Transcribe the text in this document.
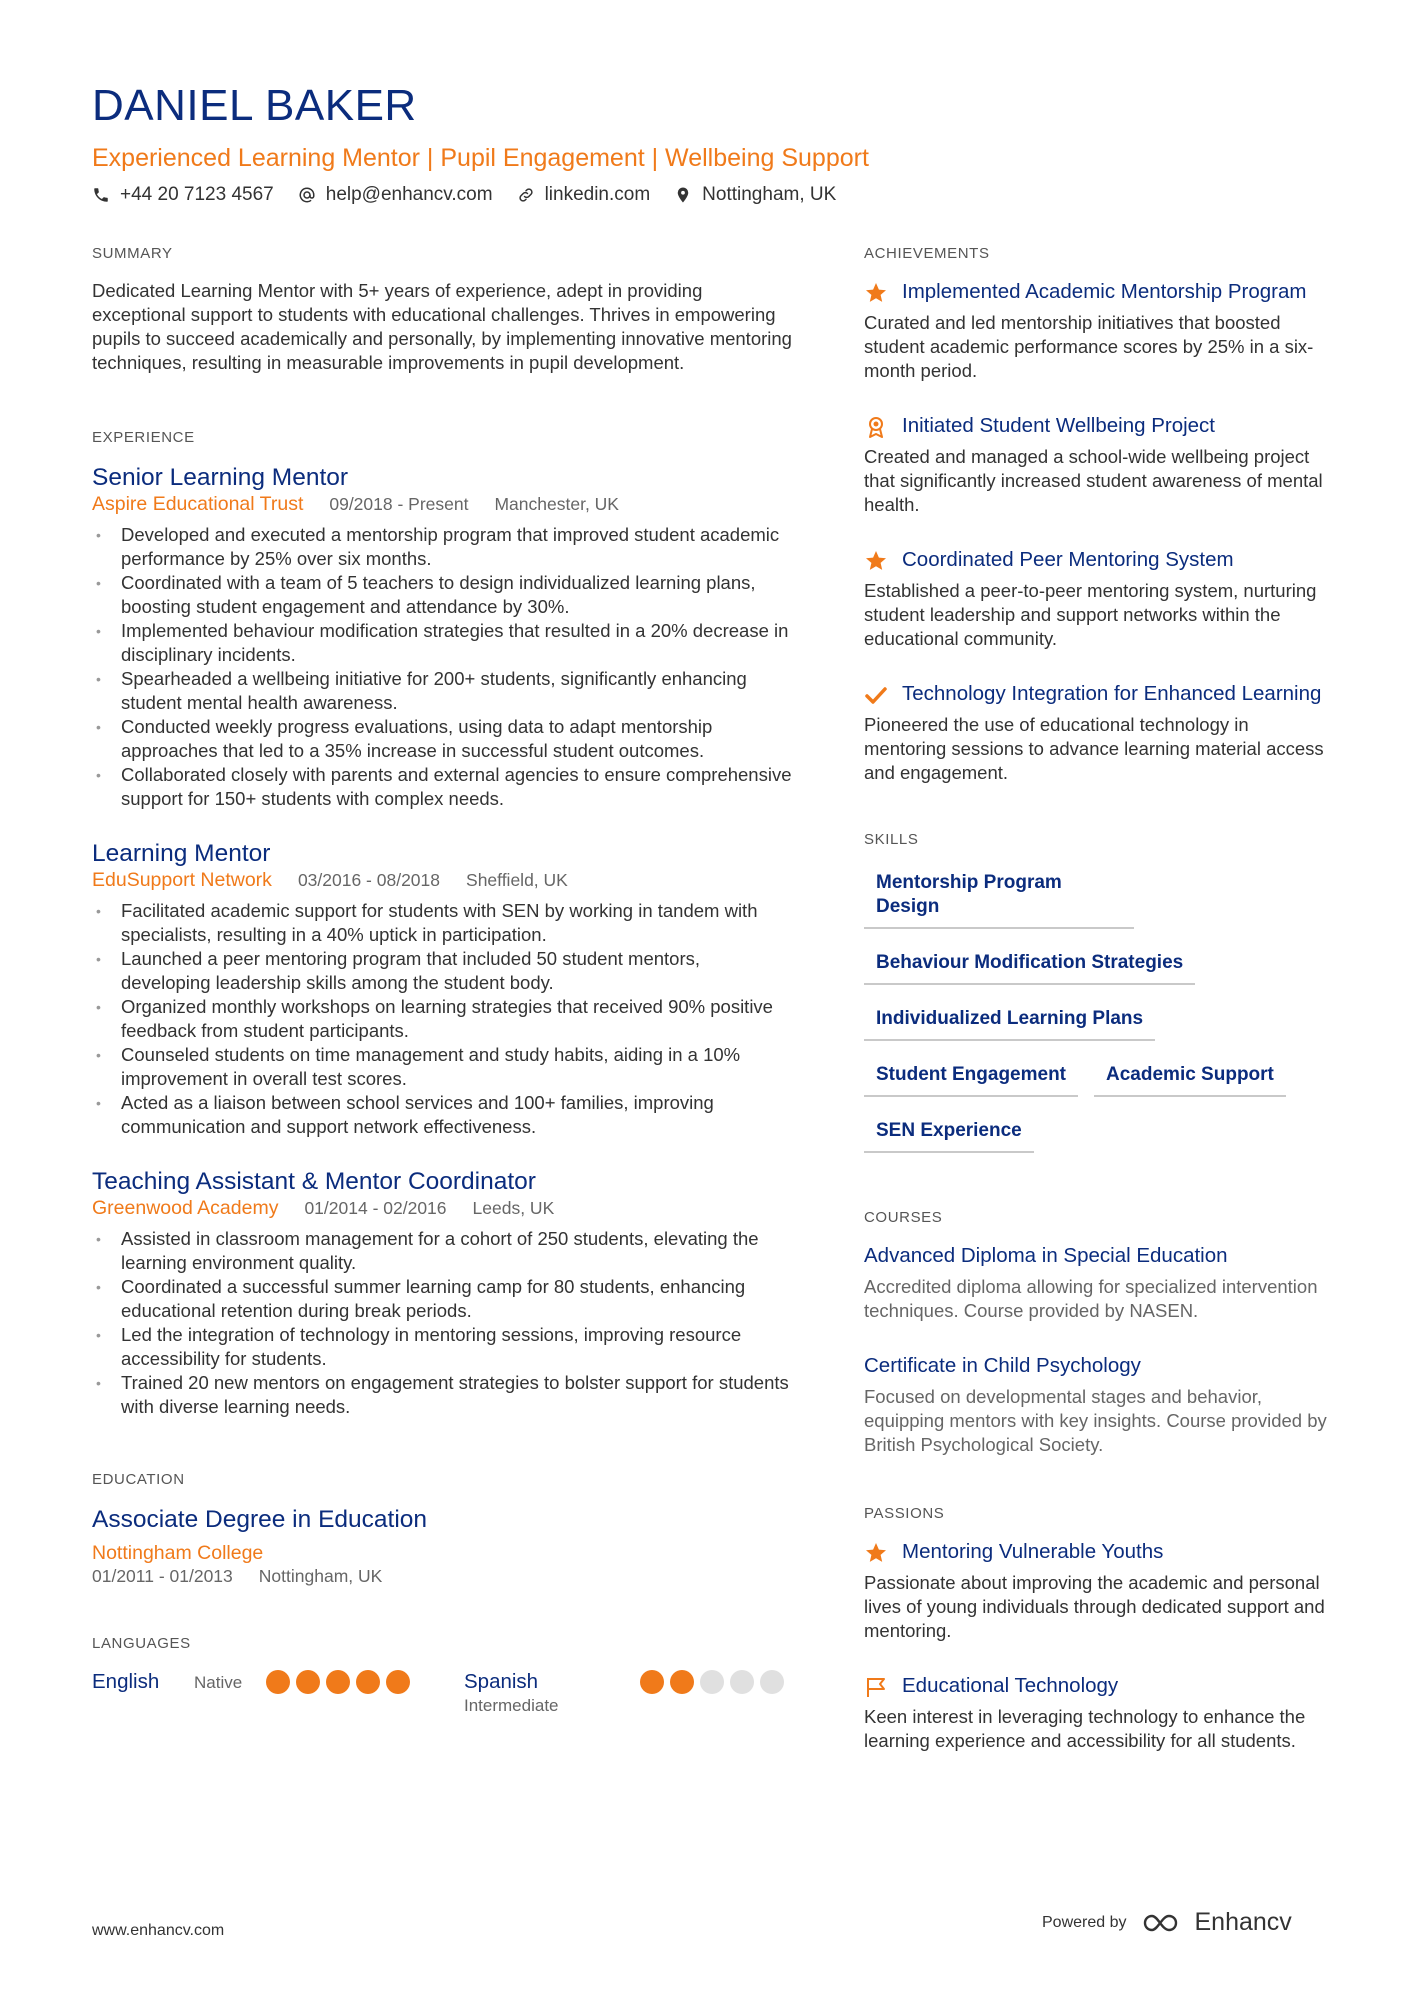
DANIEL BAKER
Experienced Learning Mentor | Pupil Engagement | Wellbeing Support
+44 20 7123 4567	help@enhancv.com	linkedin.com	Nottingham, UK
SUMMARY
Dedicated Learning Mentor with 5+ years of experience, adept in providing exceptional support to students with educational challenges. Thrives in empowering pupils to succeed academically and personally, by implementing innovative mentoring techniques, resulting in measurable improvements in pupil development.
EXPERIENCE
Senior Learning Mentor
Aspire Educational Trust 09/2018 - Present Manchester, UK
• Developed and executed a mentorship program that improved student academic performance by 25% over six months.
• Coordinated with a team of 5 teachers to design individualized learning plans, boosting student engagement and attendance by 30%.
• Implemented behaviour modification strategies that resulted in a 20% decrease in disciplinary incidents.
• Spearheaded a wellbeing initiative for 200+ students, significantly enhancing student mental health awareness.
• Conducted weekly progress evaluations, using data to adapt mentorship approaches that led to a 35% increase in successful student outcomes.
• Collaborated closely with parents and external agencies to ensure comprehensive support for 150+ students with complex needs.
Learning Mentor
EduSupport Network 03/2016 - 08/2018 Sheffield, UK
• Facilitated academic support for students with SEN by working in tandem with specialists, resulting in a 40% uptick in participation.
• Launched a peer mentoring program that included 50 student mentors, developing leadership skills among the student body.
• Organized monthly workshops on learning strategies that received 90% positive feedback from student participants.
• Counseled students on time management and study habits, aiding in a 10% improvement in overall test scores.
• Acted as a liaison between school services and 100+ families, improving communication and support network effectiveness.
Teaching Assistant & Mentor Coordinator
Greenwood Academy 01/2014 - 02/2016 Leeds, UK
• Assisted in classroom management for a cohort of 250 students, elevating the learning environment quality.
• Coordinated a successful summer learning camp for 80 students, enhancing educational retention during break periods.
• Led the integration of technology in mentoring sessions, improving resource accessibility for students.
• Trained 20 new mentors on engagement strategies to bolster support for students with diverse learning needs.
EDUCATION
Associate Degree in Education
Nottingham College
01/2011 - 01/2013 Nottingham, UK
LANGUAGES
English	Native	Spanish
Intermediate
ACHIEVEMENTS
Implemented Academic Mentorship Program
Curated and led mentorship initiatives that boosted student academic performance scores by 25% in a six-month period.
Initiated Student Wellbeing Project
Created and managed a school-wide wellbeing project that significantly increased student awareness of mental health.
Coordinated Peer Mentoring System
Established a peer-to-peer mentoring system, nurturing student leadership and support networks within the educational community.
Technology Integration for Enhanced Learning
Pioneered the use of educational technology in mentoring sessions to advance learning material access and engagement.
SKILLS
Mentorship Program Design
Behaviour Modification Strategies
Individualized Learning Plans
Student Engagement	Academic Support
SEN Experience
COURSES
Advanced Diploma in Special Education
Accredited diploma allowing for specialized intervention techniques. Course provided by NASEN.
Certificate in Child Psychology
Focused on developmental stages and behavior, equipping mentors with key insights. Course provided by British Psychological Society.
PASSIONS
Mentoring Vulnerable Youths
Passionate about improving the academic and personal lives of young individuals through dedicated support and mentoring.
Educational Technology
Keen interest in leveraging technology to enhance the learning experience and accessibility for all students.
www.enhancv.com	Powered by	Enhancv
